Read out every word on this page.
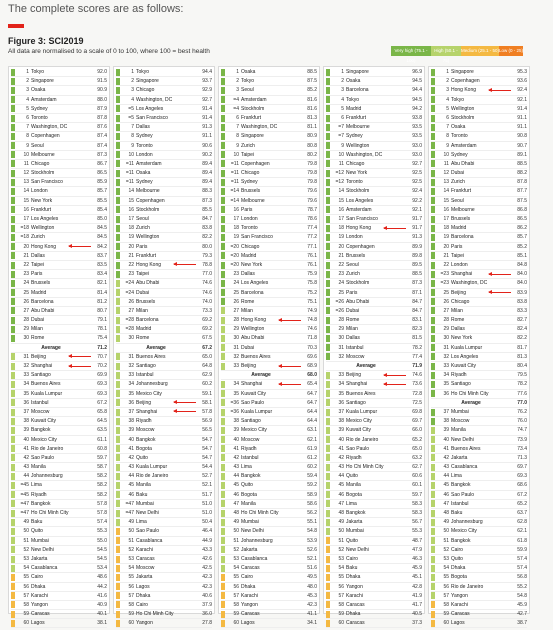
The complete scores are as follows:
Figure 3: SCI2019
All data are normalised to a scale of 0 to 100, where 100 = best health	Very high (75.1 - 100)
High (50.1 - 75)
Medium (25.1 - 50) Low (0 - 25)
1 Tokyo	92.0
2 Singapore	91.5
3 Osaka	90.9
4 Amsterdam	88.0
5 Sydney	87.9
6 Toronto	87.8
7 Washington, DC	87.6
8 Copenhagen	87.4
9 Seoul	87.4
10 Melbourne	87.3
11 Chicago	86.7
12 Stockholm	86.5
13 San Francisco	85.9
14 London	85.7
15 New York	85.5
16 Frankfurt	85.4
17 Los Angeles	85.0
=18 Wellington	84.5
=18 Zurich	84.5
20 Hong Kong	84.2
21 Dallas	83.7
22 Taipei	83.5
23 Paris	83.4
24 Brussels	82.1
25 Madrid	81.4
26 Barcelona	81.2
27 Abu Dhabi	80.7
28 Dubai	79.1
29 Milan	78.1
30 Rome	75.4
Average	71.2
31 Beijing	70.7
32 Shanghai	70.2
33 Santiago	69.9
34 Buenos Aires	69.3
35 Kuala Lumpur	69.3
36 Istanbul	67.2
37 Moscow	65.8
38 Kuwait City	64.5
39 Bangkok	63.5
40 Mexico City	61.1
41 Rio de Janeiro	60.8
42 Sao Paulo	59.7
43 Manila	58.7
44 Johannesburg	58.2
=45 Lima	58.2
=45 Riyadh	58.2
=47 Bangkok	57.8
=47 Ho Chi Minh City	57.8
49 Baku	57.4
50 Quito	55.3
51 Mumbai	55.0
52 New Delhi	54.5
53 Jakarta	54.5
54 Casablanca	53.4
55 Cairo	48.6
56 Dhaka	44.2
57 Karachi	41.6
58 Yangon	40.9
59 Caracas	40.1
60 Lagos	38.1
1 Tokyo	94.4
2 Singapore	93.7
3 Chicago	92.9
4 Washington, DC	92.7
=5 Los Angeles	91.4
=5 San Francisco	91.4
7 Dallas	91.3
8 Sydney	91.1
9 Toronto	90.6
10 London	90.2
=11 Amsterdam	89.4
=11 Osaka	89.4
=11 Sydney	89.4
14 Melbourne	88.3
15 Copenhagen	87.3
16 Stockholm	85.5
17 Seoul	84.7
18 Zurich	83.8
19 Wellington	82.2
20 Paris	80.0
21 Frankfurt	79.3
22 Hong Kong	78.8
23 Taipei	77.0
=24 Abu Dhabi	74.6
=24 Dubai	74.6
26 Brussels	74.0
27 Milan	73.3
=28 Barcelona	69.2
=28 Madrid	69.2
30 Rome	67.5
Average	67.2
31 Buenos Aires	65.0
32 Santiago	64.8
33 Istanbul	62.9
34 Johannesburg	60.2
35 Mexico City	59.1
36 Beijing	58.1
37 Shanghai	57.8
38 Riyadh	56.9
39 Moscow	56.5
40 Bangkok	54.7
41 Bogota	54.7
42 Quito	54.7
43 Kuala Lumpur	54.4
44 Rio de Janeiro	52.7
45 Manila	52.1
46 Baku	51.7
=47 Mumbai	51.0
=47 New Delhi	51.0
49 Lima	50.4
50 Sao Paulo	46.4
51 Casablanca	44.9
52 Karachi	43.3
53 Caracas	42.6
54 Moscow	42.5
55 Jakarta	42.3
56 Lagos	42.3
57 Dhaka	40.6
58 Cairo	37.9
59 Ho Chi Minh City	36.0
60 Yangon	27.8
1 Osaka	88.5
2 Tokyo	87.5
3 Seoul	85.2
=4 Amsterdam	81.6
=4 Stockholm	81.6
6 Frankfurt	81.3
7 Washington, DC	81.1
8 Singapore	80.9
9 Zurich	80.8
10 Taipei	80.2
=11 Copenhagen	79.8
=11 Chicago	79.8
=11 Sydney	79.8
=14 Brussels	79.6
=14 Melbourne	79.6
16 Paris	78.7
17 London	78.6
18 Toronto	77.4
19 San Francisco	77.2
=20 Chicago	77.1
=20 Madrid	76.1
=20 New York	76.1
23 Dallas	75.9
24 Los Angeles	75.8
25 Barcelona	75.2
26 Rome	75.1
27 Milan	74.9
28 Hong Kong	74.8
29 Wellington	74.6
30 Abu Dhabi	71.8
31 Dubai	70.3
32 Buenos Aires	69.6
33 Beijing	68.9
Average	68.0
34 Shanghai	65.4
35 Kuwait City	64.7
=36 Sao Paulo	64.7
=36 Kuala Lumpur	64.4
38 Santiago	64.4
39 Mexico City	63.1
40 Moscow	62.1
41 Riyadh	61.9
42 Istanbul	61.2
43 Lima	60.2
44 Bangkok	59.4
45 Quito	59.2
46 Bogota	58.9
47 Manila	58.6
48 Ho Chi Minh City	56.2
49 Mumbai	55.1
50 New Delhi	54.8
51 Johannesburg	53.9
52 Jakarta	52.6
53 Casablanca	52.1
54 Caracas	51.6
55 Cairo	49.5
56 Dhaka	48.0
57 Karachi	45.3
58 Yangon	42.3
59 Caracas	41.1
60 Lagos	34.1
1 Singapore	96.9
2 Osaka	94.5
3 Barcelona	94.4
4 Tokyo	94.5
5 Madrid	94.2
6 Frankfurt	93.8
=7 Melbourne	93.5
=7 Sydney	93.5
9 Wellington	93.0
10 Washington, DC	93.0
11 Chicago	92.7
=12 New York	92.5
=12 Toronto	92.5
14 Stockholm	92.4
15 Los Angeles	92.2
16 Amsterdam	92.1
17 San Francisco	91.7
18 Hong Kong	91.7
19 London	91.3
20 Copenhagen	89.9
21 Brussels	89.8
22 Seoul	89.5
23 Zurich	88.5
24 Stockholm	87.3
25 Paris	87.1
=26 Abu Dhabi	84.7
=26 Dubai	84.7
28 Rome	83.1
29 Milan	82.3
30 Dallas	81.5
31 Istanbul	78.2
32 Moscow	77.4
Average	71.9
33 Beijing	74.6
34 Shanghai	73.6
35 Buenos Aires	72.8
36 Santiago	72.5
37 Kuala Lumpur	69.8
38 Mexico City	69.7
39 Kuwait City	66.0
40 Rio de Janeiro	65.2
41 Sao Paulo	65.0
42 Riyadh	63.2
43 Ho Chi Minh City	62.7
44 Quito	60.6
45 Manila	60.1
46 Bogota	59.7
47 Lima	58.3
48 Bangkok	58.3
49 Jakarta	56.7
50 Mumbai	55.3
51 Quito	48.7
52 New Delhi	47.9
53 Cairo	46.3
54 Baku	45.9
55 Dhaka	45.1
56 Yangon	42.8
57 Karachi	41.9
58 Caracas	41.7
59 Dhaka	40.5
60 Caracas	37.3
1 Singapore	95.3
2 Copenhagen	93.6
3 Hong Kong	92.4
4 Tokyo	92.1
5 Wellington	91.4
6 Stockholm	91.1
7 Osaka	91.1
8 Toronto	90.8
9 Amsterdam	90.7
10 Sydney	89.1
11 Abu Dhabi	88.5
12 Dubai	88.2
13 Zurich	87.8
14 Frankfurt	87.7
15 Seoul	87.5
16 Melbourne	86.8
17 Brussels	86.5
18 Madrid	86.2
19 Barcelona	85.7
20 Paris	85.2
21 Taipei	85.1
22 London	84.8
=23 Shanghai	84.0
=23 Washington, DC	84.0
25 Beijing	83.9
26 Chicago	83.8
27 Milan	83.3
28 Rome	82.7
29 Dallas	82.4
30 New York	82.2
31 Kuala Lumpur	81.7
32 Los Angeles	81.3
33 Kuwait City	80.4
34 Riyadh	79.5
35 Santiago	78.2
36 Ho Chi Minh City	77.6
Average	77.0
37 Mumbai	76.2
38 Moscow	76.0
39 Manila	74.7
40 New Delhi	73.9
41 Buenos Aires	73.4
42 Jakarta	71.3
43 Casablanca	69.7
44 Lima	69.3
45 Bangkok	68.6
46 Sao Paulo	67.2
47 Istanbul	65.2
48 Baku	63.7
49 Johannesburg	62.8
50 Mexico City	62.1
51 Bangkok	61.8
52 Cairo	59.9
53 Quito	57.4
54 Dhaka	57.4
55 Bogota	56.8
56 Rio de Janeiro	55.2
57 Yangon	54.8
58 Karachi	45.9
59 Caracas	42.7
60 Lagos	38.7
